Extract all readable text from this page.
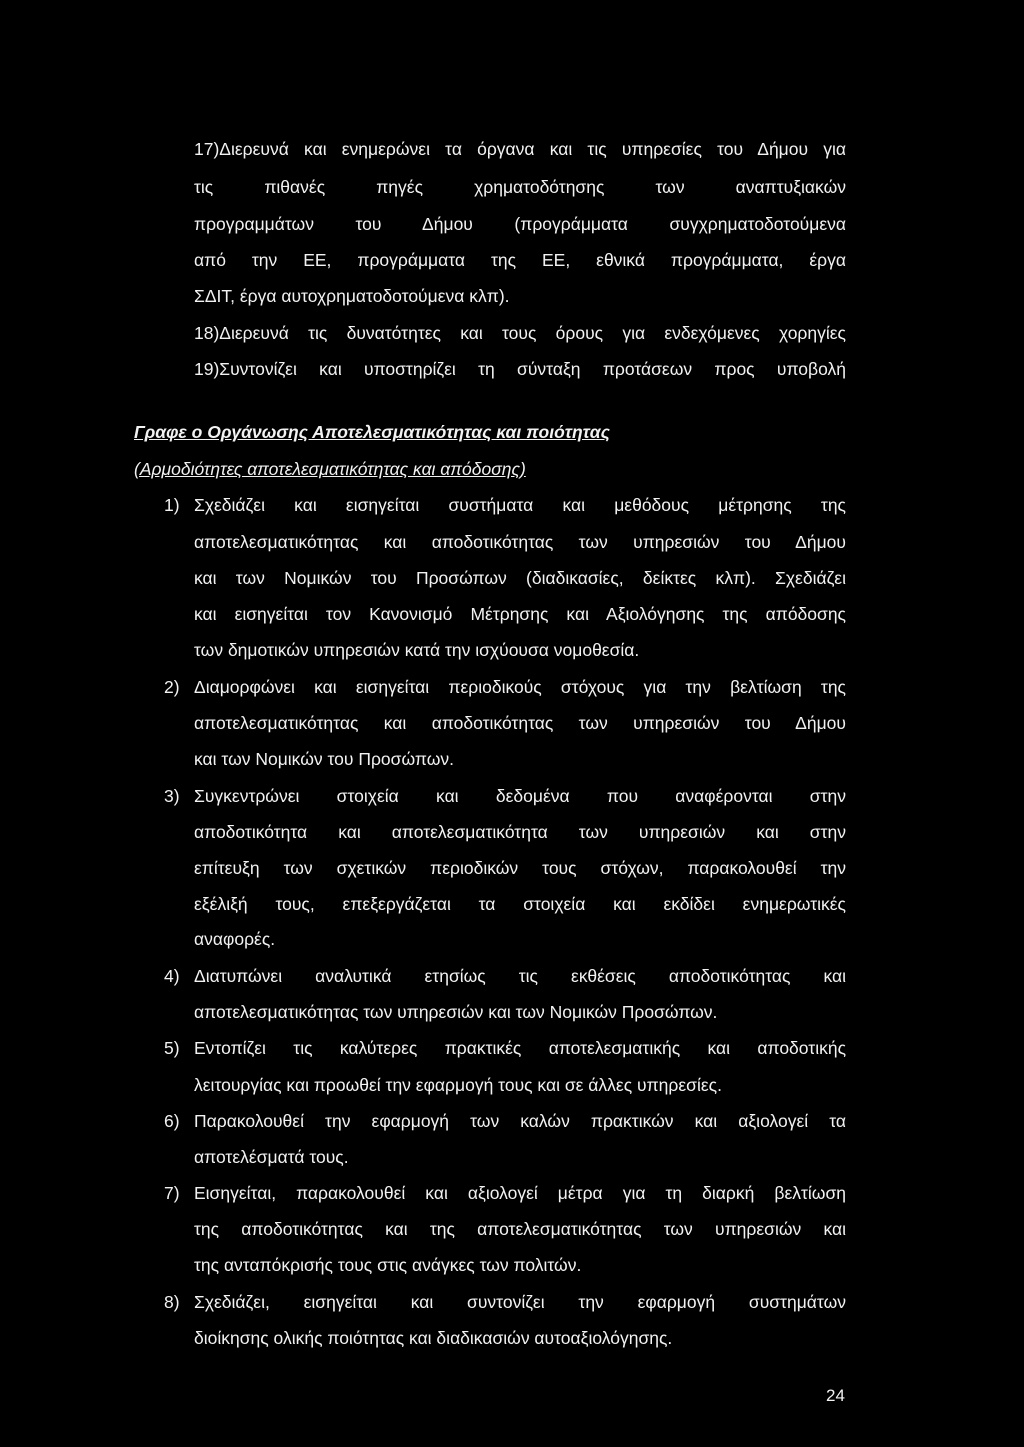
17)Διερευνά και ενημερώνει τα όργανα και τις υπηρεσίες του Δήμου για
τις πιθανές πηγές χρηματοδότησης των αναπτυξιακών
προγραμμάτων του Δήμου (προγράμματα συγχρηματοδοτούμενα
από την ΕΕ, προγράμματα της ΕΕ, εθνικά προγράμματα, έργα
ΣΔΙΤ, έργα αυτοχρηματοδοτούμενα κλπ).
18)Διερευνά τις δυνατότητες και τους όρους για ενδεχόμενες χορηγίες
19)Συντονίζει και υποστηρίζει τη σύνταξη προτάσεων προς υποβολή
Γραφε ο Οργάνωσης Αποτελεσματικότητας και ποιότητας
(Αρμοδιότητες αποτελεσματικότητας και απόδοσης)
1) Σχεδιάζει και εισηγείται συστήματα και μεθόδους μέτρησης της
αποτελεσματικότητας και αποδοτικότητας των υπηρεσιών του Δήμου
και των Νομικών του Προσώπων (διαδικασίες, δείκτες κλπ). Σχεδιάζει
και εισηγείται τον Κανονισμό Μέτρησης και Αξιολόγησης της απόδοσης
των δημοτικών υπηρεσιών κατά την ισχύουσα νομοθεσία.
2) Διαμορφώνει και εισηγείται περιοδικούς στόχους για την βελτίωση της
αποτελεσματικότητας και αποδοτικότητας των υπηρεσιών του Δήμου
και των Νομικών του Προσώπων.
3) Συγκεντρώνει στοιχεία και δεδομένα που αναφέρονται στην
αποδοτικότητα και αποτελεσματικότητα των υπηρεσιών και στην
επίτευξη των σχετικών περιοδικών τους στόχων, παρακολουθεί την
εξέλιξή τους, επεξεργάζεται τα στοιχεία και εκδίδει ενημερωτικές
αναφορές.
4) Διατυπώνει αναλυτικά ετησίως τις εκθέσεις αποδοτικότητας και
αποτελεσματικότητας των υπηρεσιών και των Νομικών Προσώπων.
5) Εντοπίζει τις καλύτερες πρακτικές αποτελεσματικής και αποδοτικής
λειτουργίας και προωθεί την εφαρμογή τους και σε άλλες υπηρεσίες.
6) Παρακολουθεί την εφαρμογή των καλών πρακτικών και αξιολογεί τα
αποτελέσματά τους.
7) Εισηγείται, παρακολουθεί και αξιολογεί μέτρα για τη διαρκή βελτίωση
της αποδοτικότητας και της αποτελεσματικότητας των υπηρεσιών και
της ανταπόκρισής τους στις ανάγκες των πολιτών.
8) Σχεδιάζει, εισηγείται και συντονίζει την εφαρμογή συστημάτων
διοίκησης ολικής ποιότητας και διαδικασιών αυτοαξιολόγησης.
24
